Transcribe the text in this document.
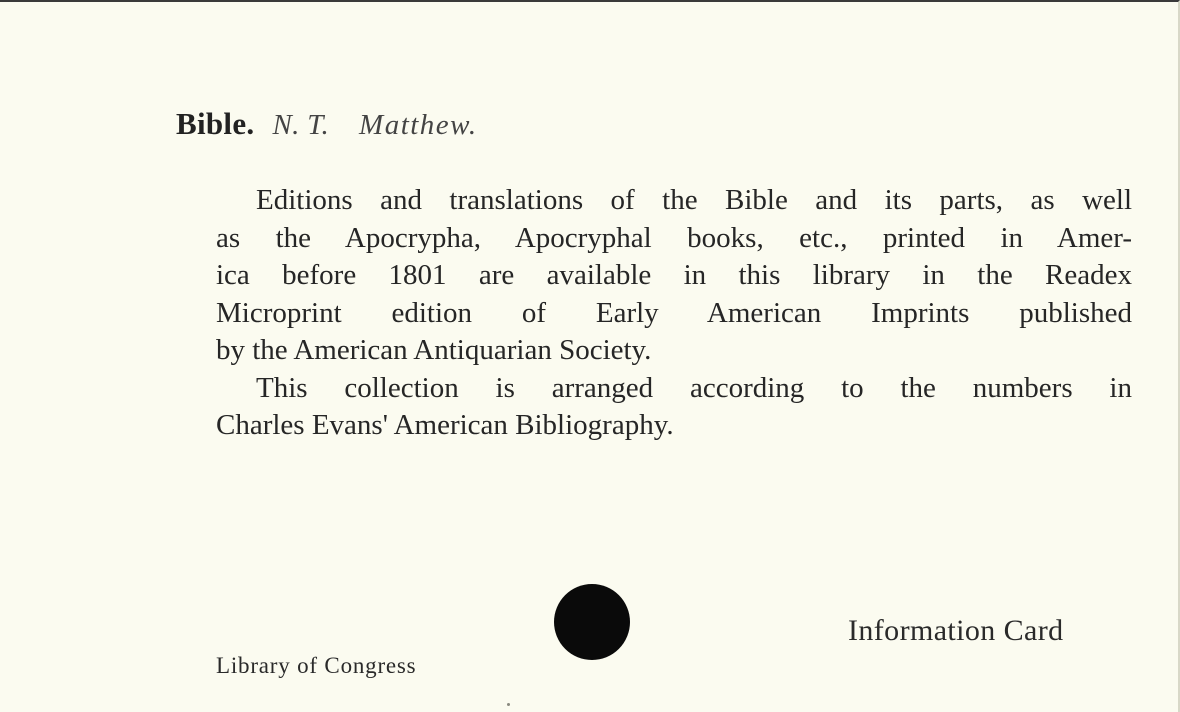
Bible. N. T. Matthew.
Editions and translations of the Bible and its parts, as well
as the Apocrypha, Apocryphal books, etc., printed in Amer-
ica before 1801 are available in this library in the Readex
Microprint edition of Early American Imprints published
by the American Antiquarian Society.
This collection is arranged according to the numbers in
Charles Evans' American Bibliography.
Library of Congress
Information Card
